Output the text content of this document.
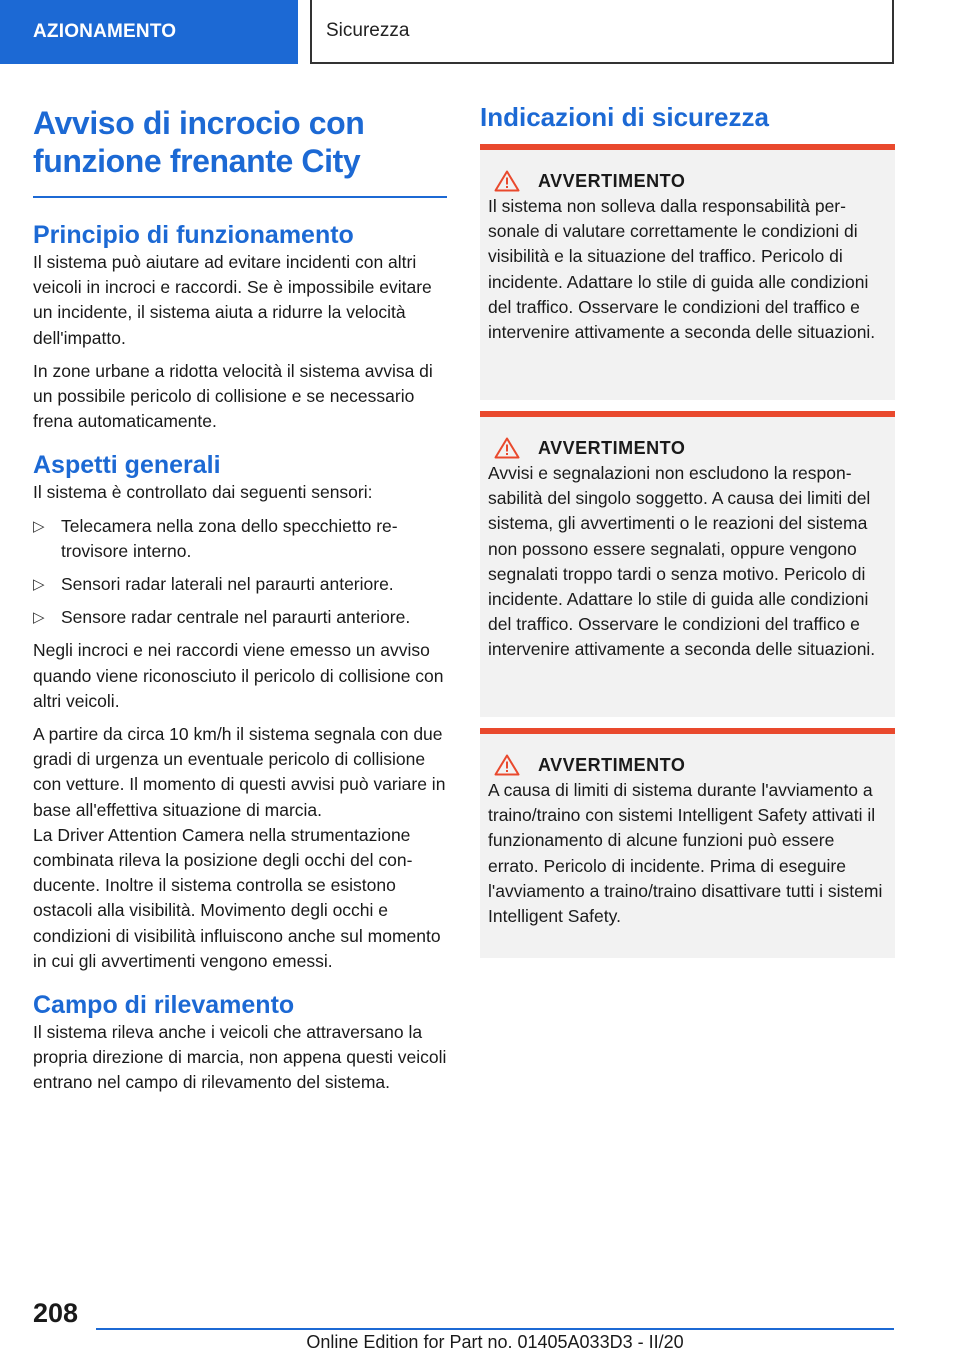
AZIONAMENTO	Sicurezza
Avviso di incrocio con funzione frenante City
Principio di funzionamento

Il sistema può aiutare ad evitare incidenti con altri veicoli in incroci e raccordi. Se è impossibile evitare un incidente, il sistema aiuta a ridurre la velocità dell'impatto.

In zone urbane a ridotta velocità il sistema avvisa di un possibile pericolo di collisione e se necessario frena automaticamente.

Aspetti generali

Il sistema è controllato dai seguenti sensori:

▷ Telecamera nella zona dello specchietto retrovisore interno.
▷ Sensori radar laterali nel paraurti anteriore.
▷ Sensore radar centrale nel paraurti anteriore.

Negli incroci e nei raccordi viene emesso un avviso quando viene riconosciuto il pericolo di collisione con altri veicoli.

A partire da circa 10 km/h il sistema segnala con due gradi di urgenza un eventuale pericolo di collisione con vetture. Il momento di questi avvisi può variare in base all'effettiva situazione di marcia.

La Driver Attention Camera nella strumentazione combinata rileva la posizione degli occhi del conducente. Inoltre il sistema controlla se esistono ostacoli alla visibilità. Movimento degli occhi e condizioni di visibilità influiscono anche sul momento in cui gli avvertimenti vengono emessi.

Campo di rilevamento

Il sistema rileva anche i veicoli che attraversano la propria direzione di marcia, non appena questi veicoli entrano nel campo di rilevamento del sistema.

Indicazioni di sicurezza
AVVERTIMENTO
Il sistema non solleva dalla responsabilità personale di valutare correttamente le condizioni di visibilità e la situazione del traffico. Pericolo di incidente. Adattare lo stile di guida alle condizioni del traffico. Osservare le condizioni del traffico e intervenire attivamente a seconda delle situazioni.
AVVERTIMENTO
Avvisi e segnalazioni non escludono la responsabilità del singolo soggetto. A causa dei limiti del sistema, gli avvertimenti o le reazioni del sistema non possono essere segnalati, oppure vengono segnalati troppo tardi o senza motivo. Pericolo di incidente. Adattare lo stile di guida alle condizioni del traffico. Osservare le condizioni del traffico e intervenire attivamente a seconda delle situazioni.
AVVERTIMENTO
A causa di limiti di sistema durante l'avviamento a traino/traino con sistemi Intelligent Safety attivati il funzionamento di alcune funzioni può essere errato. Pericolo di incidente. Prima di eseguire l'avviamento a traino/traino disattivare tutti i sistemi Intelligent Safety.
208
Online Edition for Part no. 01405A033D3 - II/20
